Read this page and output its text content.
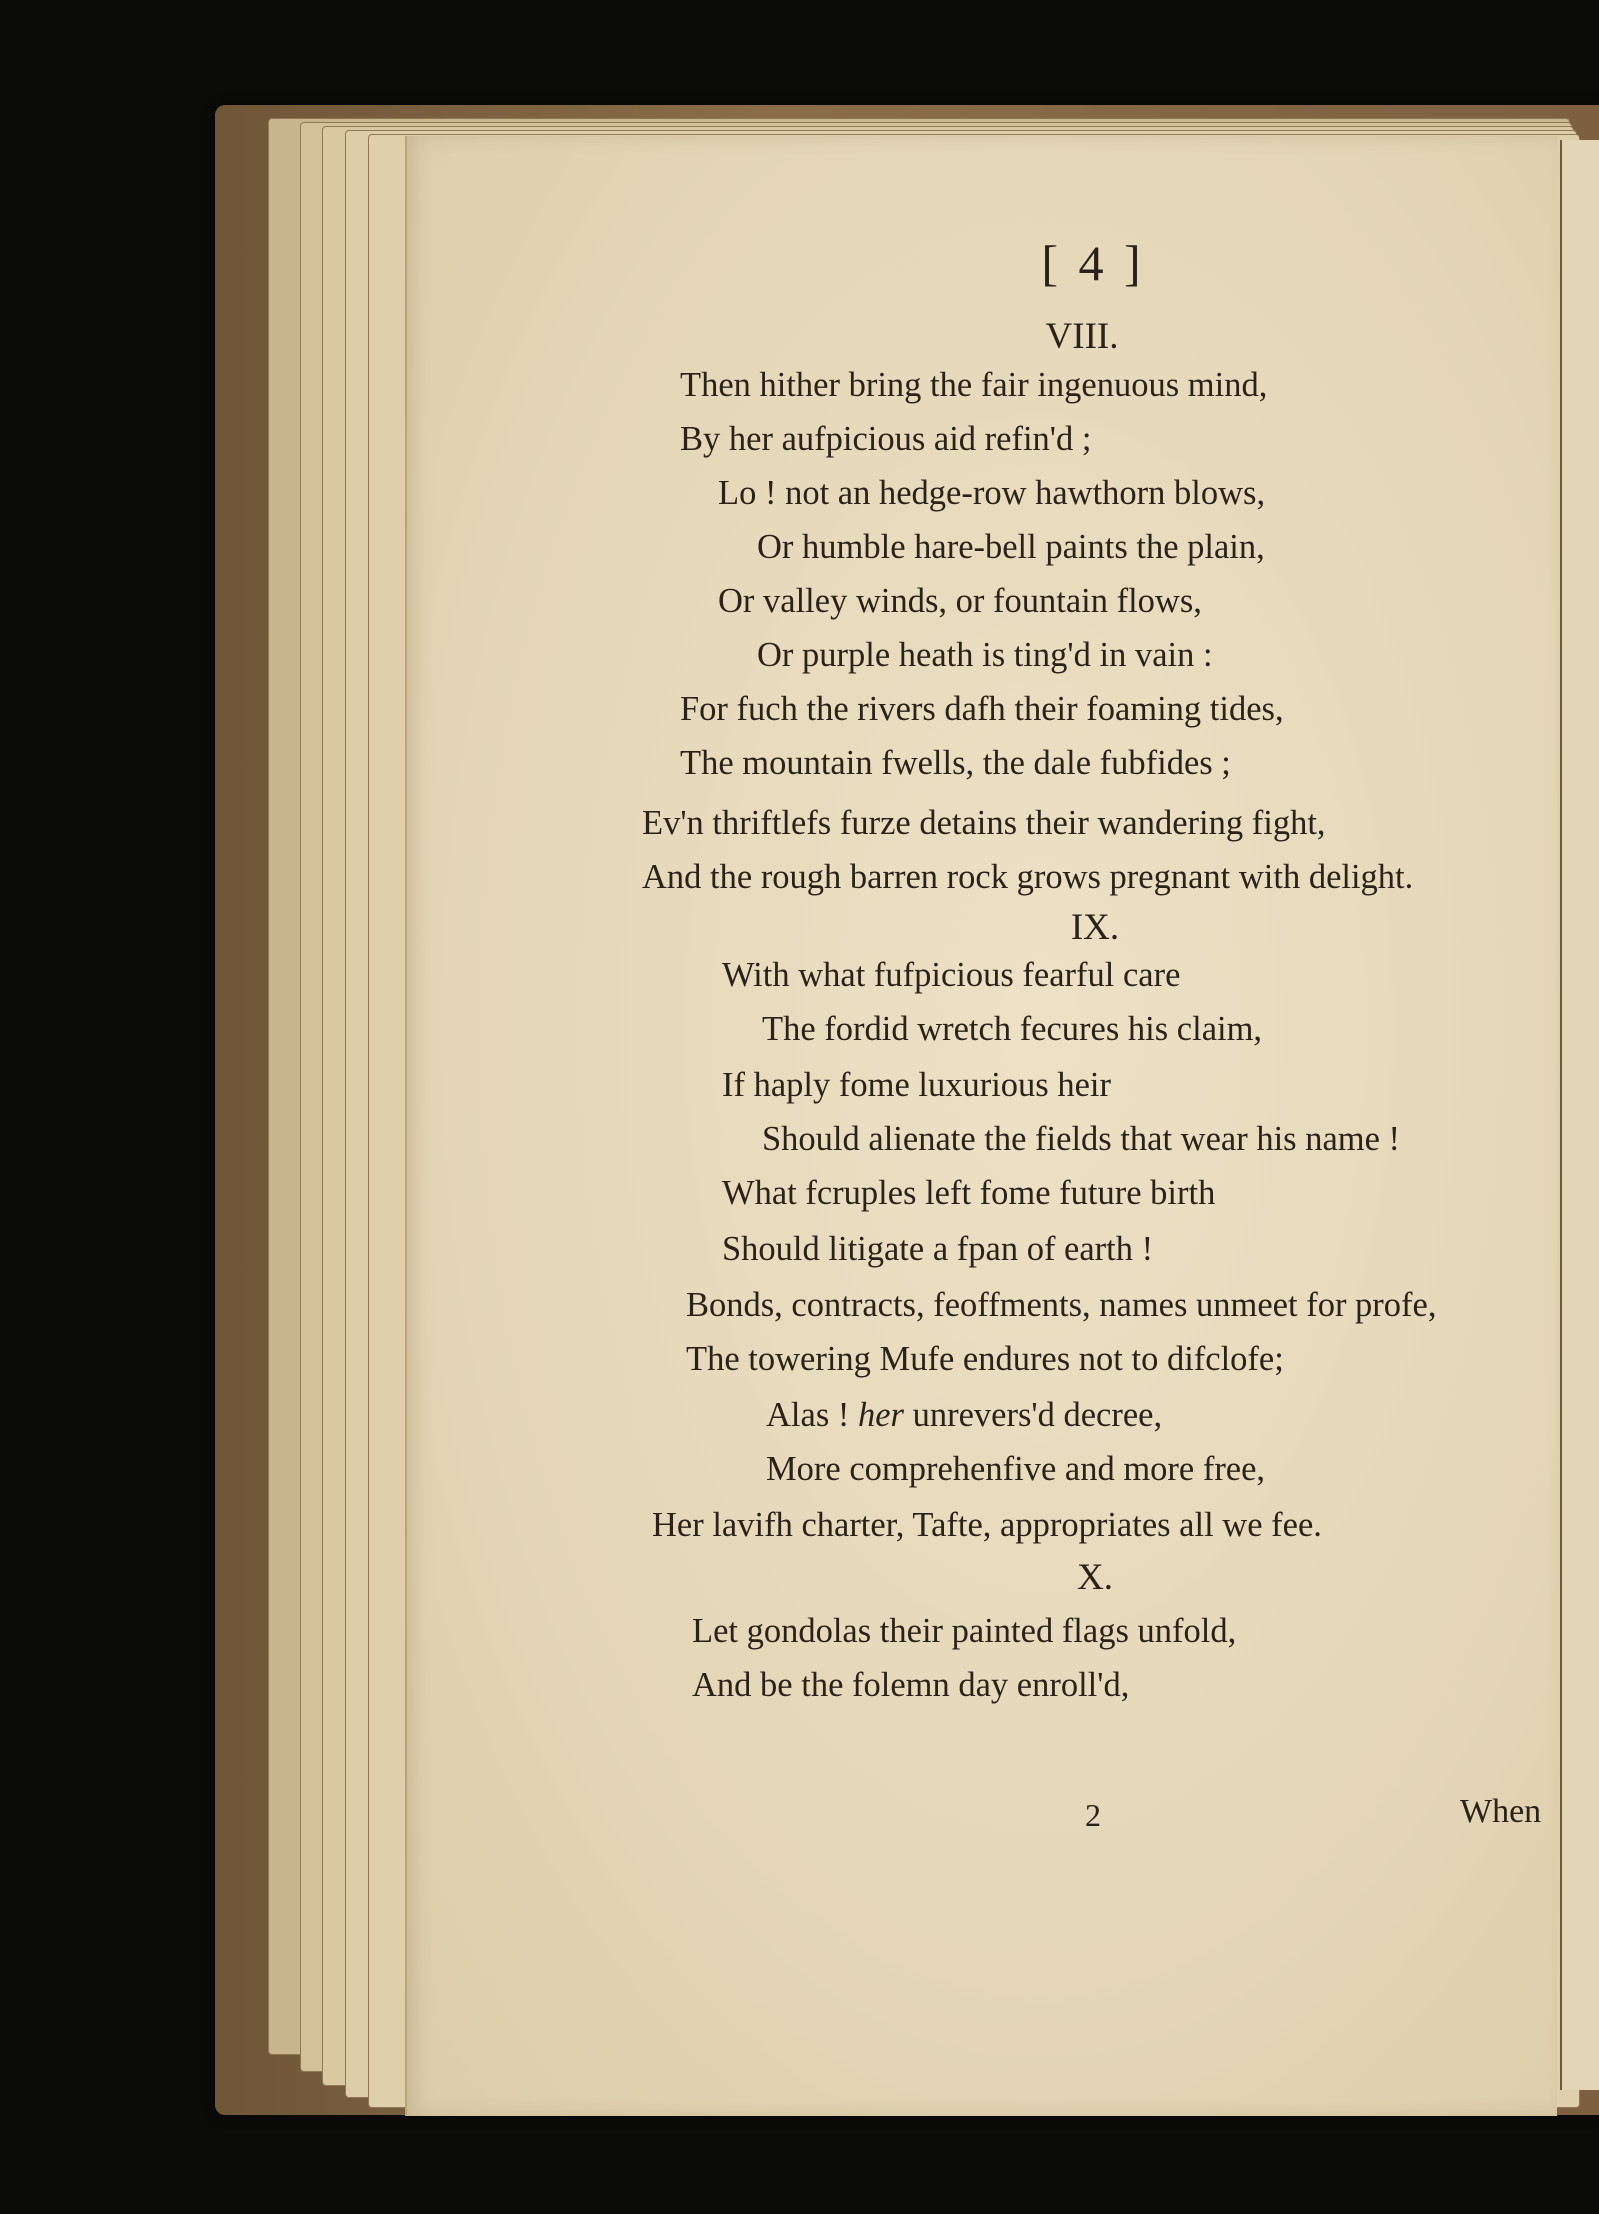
[ 4 ]
VIII.
Then hither bring the fair ingenuous mind,
By her aufpicious aid refin'd ;
Lo ! not an hedge-row hawthorn blows,
Or humble hare-bell paints the plain,
Or valley winds, or fountain flows,
Or purple heath is ting'd in vain :
For fuch the rivers dafh their foaming tides,
The mountain fwells, the dale fubfides ;
Ev'n thriftlefs furze detains their wandering fight,
And the rough barren rock grows pregnant with delight.
IX.
With what fufpicious fearful care
The fordid wretch fecures his claim,
If haply fome luxurious heir
Should alienate the fields that wear his name !
What fcruples left fome future birth
Should litigate a fpan of earth !
Bonds, contracts, feoffments, names unmeet for profe,
The towering Mufe endures not to difclofe;
Alas ! her unrevers'd decree,
More comprehenfive and more free,
Her lavifh charter, Tafte, appropriates all we fee.
X.
Let gondolas their painted flags unfold,
And be the folemn day enroll'd,
2	When
